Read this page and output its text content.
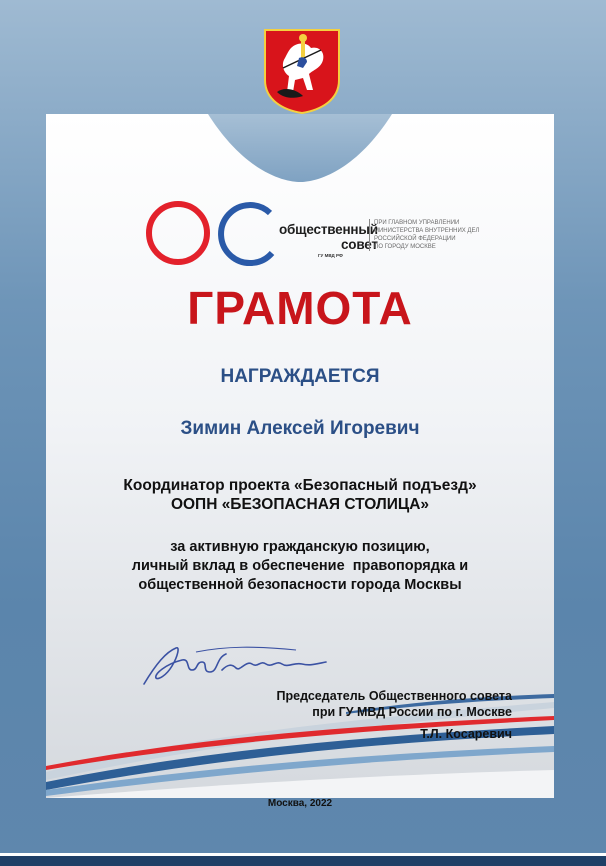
общественный
совет
ГУ МВД РФ
ПРИ ГЛАВНОМ УПРАВЛЕНИИ
МИНИСТЕРСТВА ВНУТРЕННИХ ДЕЛ
РОССИЙСКОЙ ФЕДЕРАЦИИ
ПО ГОРОДУ МОСКВЕ
ГРАМОТА
НАГРАЖДАЕТСЯ
Зимин Алексей Игоревич
Координатор проекта «Безопасный подъезд»
ООПН «БЕЗОПАСНАЯ СТОЛИЦА»
за активную гражданскую позицию,
личный вклад в обеспечение  правопорядка и
общественной безопасности города Москвы
Председатель Общественного совета
при ГУ МВД России по г. Москве
Т.Л. Косаревич
Москва, 2022
